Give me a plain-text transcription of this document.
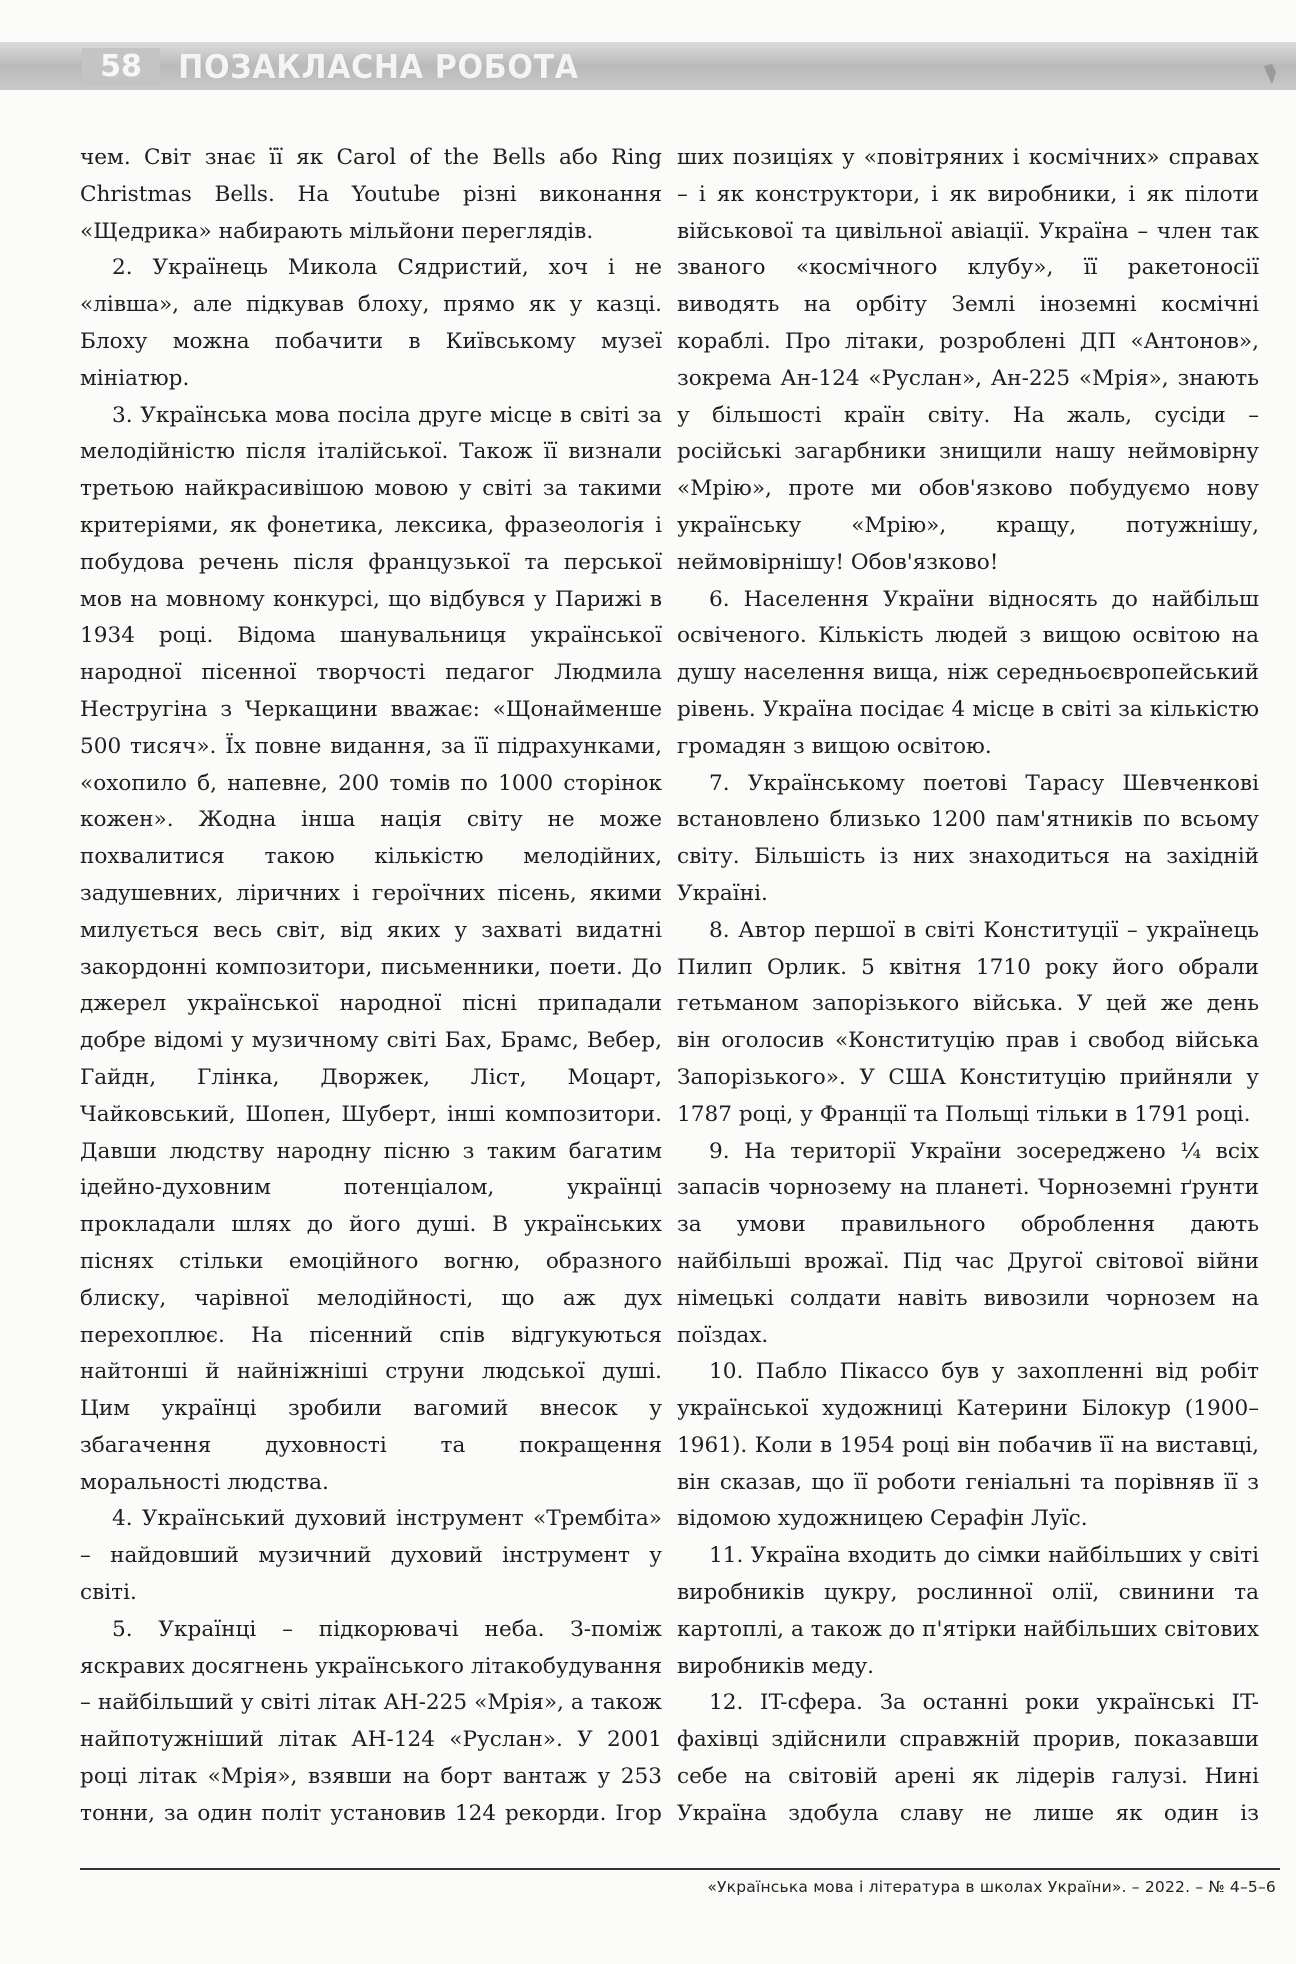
58	ПОЗАКЛАСНА РОБОТА

чем. Світ знає її як Carol of the Bells або Ring Christmas Bells. На Youtube різні виконання «Щедрика» набирають мільйони переглядів.

2. Українець Микола Сядристий, хоч і не «лівша», але підкував блоху, прямо як у казці. Блоху можна побачити в Київському музеї мініатюр.

3. Українська мова посіла друге місце в світі за мелодійністю після італійської. Також її визнали третьою найкрасивішою мовою у світі за такими критеріями, як фонетика, лексика, фразеологія і побудова речень після французької та перської мов на мовному конкурсі, що відбувся у Парижі в 1934 році. Відома шанувальниця української народної пісенної творчості педагог Людмила Нестругіна з Черкащини вважає: «Щонайменше 500 тисяч». Їх повне видання, за її підрахунками, «охопило б, напевне, 200 томів по 1000 сторінок кожен». Жодна інша нація світу не може похвалитися такою кількістю мелодійних, задушевних, ліричних і героїчних пісень, якими милується весь світ, від яких у захваті видатні закордонні композитори, письменники, поети. До джерел української народної пісні припадали добре відомі у музичному світі Бах, Брамс, Вебер, Гайдн, Глінка, Дворжек, Ліст, Моцарт, Чайковський, Шопен, Шуберт, інші композитори. Давши людству народну пісню з таким багатим ідейно-духовним потенціалом, українці прокладали шлях до його душі. В українських піснях стільки емоційного вогню, образного блиску, чарівної мелодійності, що аж дух перехоплює. На пісенний спів відгукуються найтонші й найніжніші струни людської душі. Цим українці зробили вагомий внесок у збагачення духовності та покращення моральності людства.

4. Український духовий інструмент «Трембіта» – найдовший музичний духовий інструмент у світі.

5. Українці – підкорювачі неба. З-поміж яскравих досягнень українського літакобудування – найбільший у світі літак АН-225 «Мрія», а також найпотужніший літак АН-124 «Руслан». У 2001 році літак «Мрія», взявши на борт вантаж у 253 тонни, за один політ установив 124 рекорди. Ігор

ших позиціях у «повітряних і космічних» справах – і як конструктори, і як виробники, і як пілоти військової та цивільної авіації. Україна – член так званого «космічного клубу», її ракетоносії виводять на орбіту Землі іноземні космічні кораблі. Про літаки, розроблені ДП «Антонов», зокрема Ан-124 «Руслан», Ан-225 «Мрія», знають у більшості країн світу. На жаль, сусіди – російські загарбники знищили нашу неймовірну «Мрію», проте ми обов'язково побудуємо нову українську «Мрію», кращу, потужнішу, неймовірнішу! Обов'язково!

6. Населення України відносять до найбільш освіченого. Кількість людей з вищою освітою на душу населення вища, ніж середньоєвропейський рівень. Україна посідає 4 місце в світі за кількістю громадян з вищою освітою.

7. Українському поетові Тарасу Шевченкові встановлено близько 1200 пам'ятників по всьому світу. Більшість із них знаходиться на західній Україні.

8. Автор першої в світі Конституції – українець Пилип Орлик. 5 квітня 1710 року його обрали гетьманом запорізького війська. У цей же день він оголосив «Конституцію прав і свобод війська Запорізького». У США Конституцію прийняли у 1787 році, у Франції та Польщі тільки в 1791 році.

9. На території України зосереджено ¼ всіх запасів чорнозему на планеті. Чорноземні ґрунти за умови правильного оброблення дають найбільші врожаї. Під час Другої світової війни німецькі солдати навіть вивозили чорнозем на поїздах.

10. Пабло Пікассо був у захопленні від робіт української художниці Катерини Білокур (1900–1961). Коли в 1954 році він побачив її на виставці, він сказав, що її роботи геніальні та порівняв її з відомою художницею Серафін Луїс.

11. Україна входить до сімки найбільших у світі виробників цукру, рослинної олії, свинини та картоплі, а також до п'ятірки найбільших світових виробників меду.

12. IT-сфера. За останні роки українські IT-фахівці здійснили справжній прорив, показавши себе на світовій арені як лідерів галузі. Нині Україна здобула славу не лише як один із

«Українська мова і література в школах України». – 2022. – № 4–5–6
